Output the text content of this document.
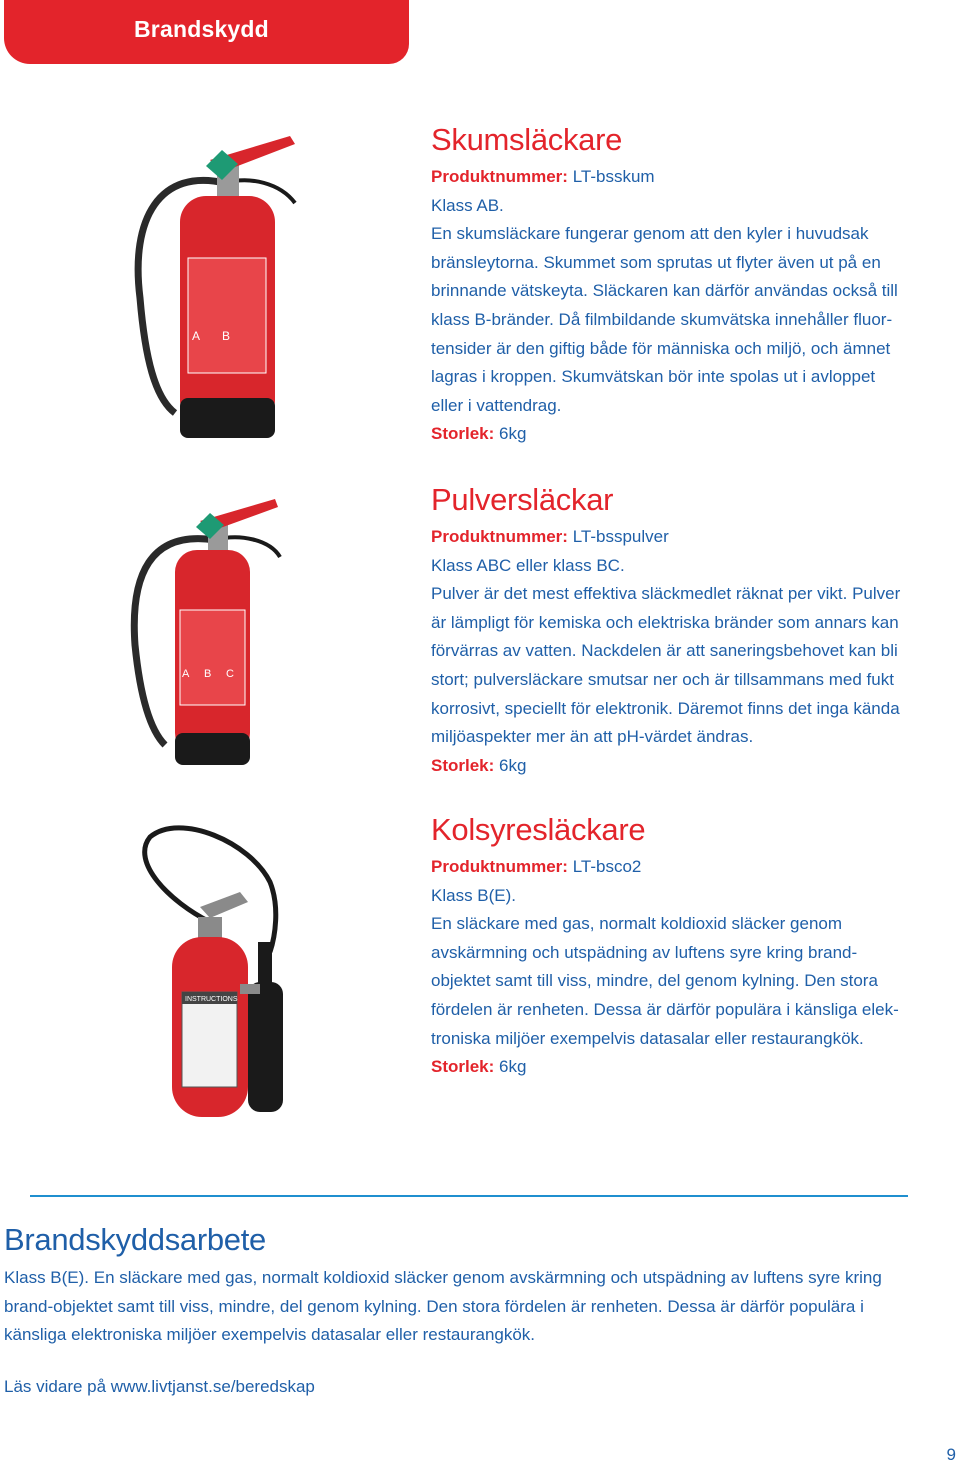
Brandskydd
A B
Skumsläckare

Produktnummer: LT-bsskum

Klass AB.

En skumsläckare fungerar genom att den kyler i huvudsak

bränsleytorna. Skummet som sprutas ut flyter även ut på en

brinnande vätskeyta. Släckaren kan därför användas också till

klass B-bränder. Då filmbildande skumvätska innehåller fluor-

tensider är den giftig både för människa och miljö, och ämnet

lagras i kroppen. Skumvätskan bör inte spolas ut i avloppet

eller i vattendrag.

Storlek: 6kg

A B C
Pulversläckar

Produktnummer: LT-bsspulver

Klass ABC eller klass BC.

Pulver är det mest effektiva släckmedlet räknat per vikt. Pulver

är lämpligt för kemiska och elektriska bränder som annars kan

förvärras av vatten. Nackdelen är att saneringsbehovet kan bli

stort; pulversläckare smutsar ner och är tillsammans med fukt

korrosivt, speciellt för elektronik. Däremot finns det inga kända

miljöaspekter mer än att pH-värdet ändras.

Storlek: 6kg

INSTRUCTIONS
Kolsyresläckare

Produktnummer: LT-bsco2

Klass B(E).

En släckare med gas, normalt koldioxid släcker genom

avskärmning och utspädning av luftens syre kring brand-

objektet samt till viss, mindre, del genom kylning. Den stora

fördelen är renheten. Dessa är därför populära i känsliga elek-

troniska miljöer exempelvis datasalar eller restaurangkök.

Storlek: 6kg

Brandskyddsarbete

Klass B(E). En släckare med gas, normalt koldioxid släcker genom avskärmning och utspädning av luftens syre kring

brand-objektet samt till viss, mindre, del genom kylning. Den stora fördelen är renheten. Dessa är därför populära i

känsliga elektroniska miljöer exempelvis datasalar eller restaurangkök.

Läs vidare på www.livtjanst.se/beredskap
9
